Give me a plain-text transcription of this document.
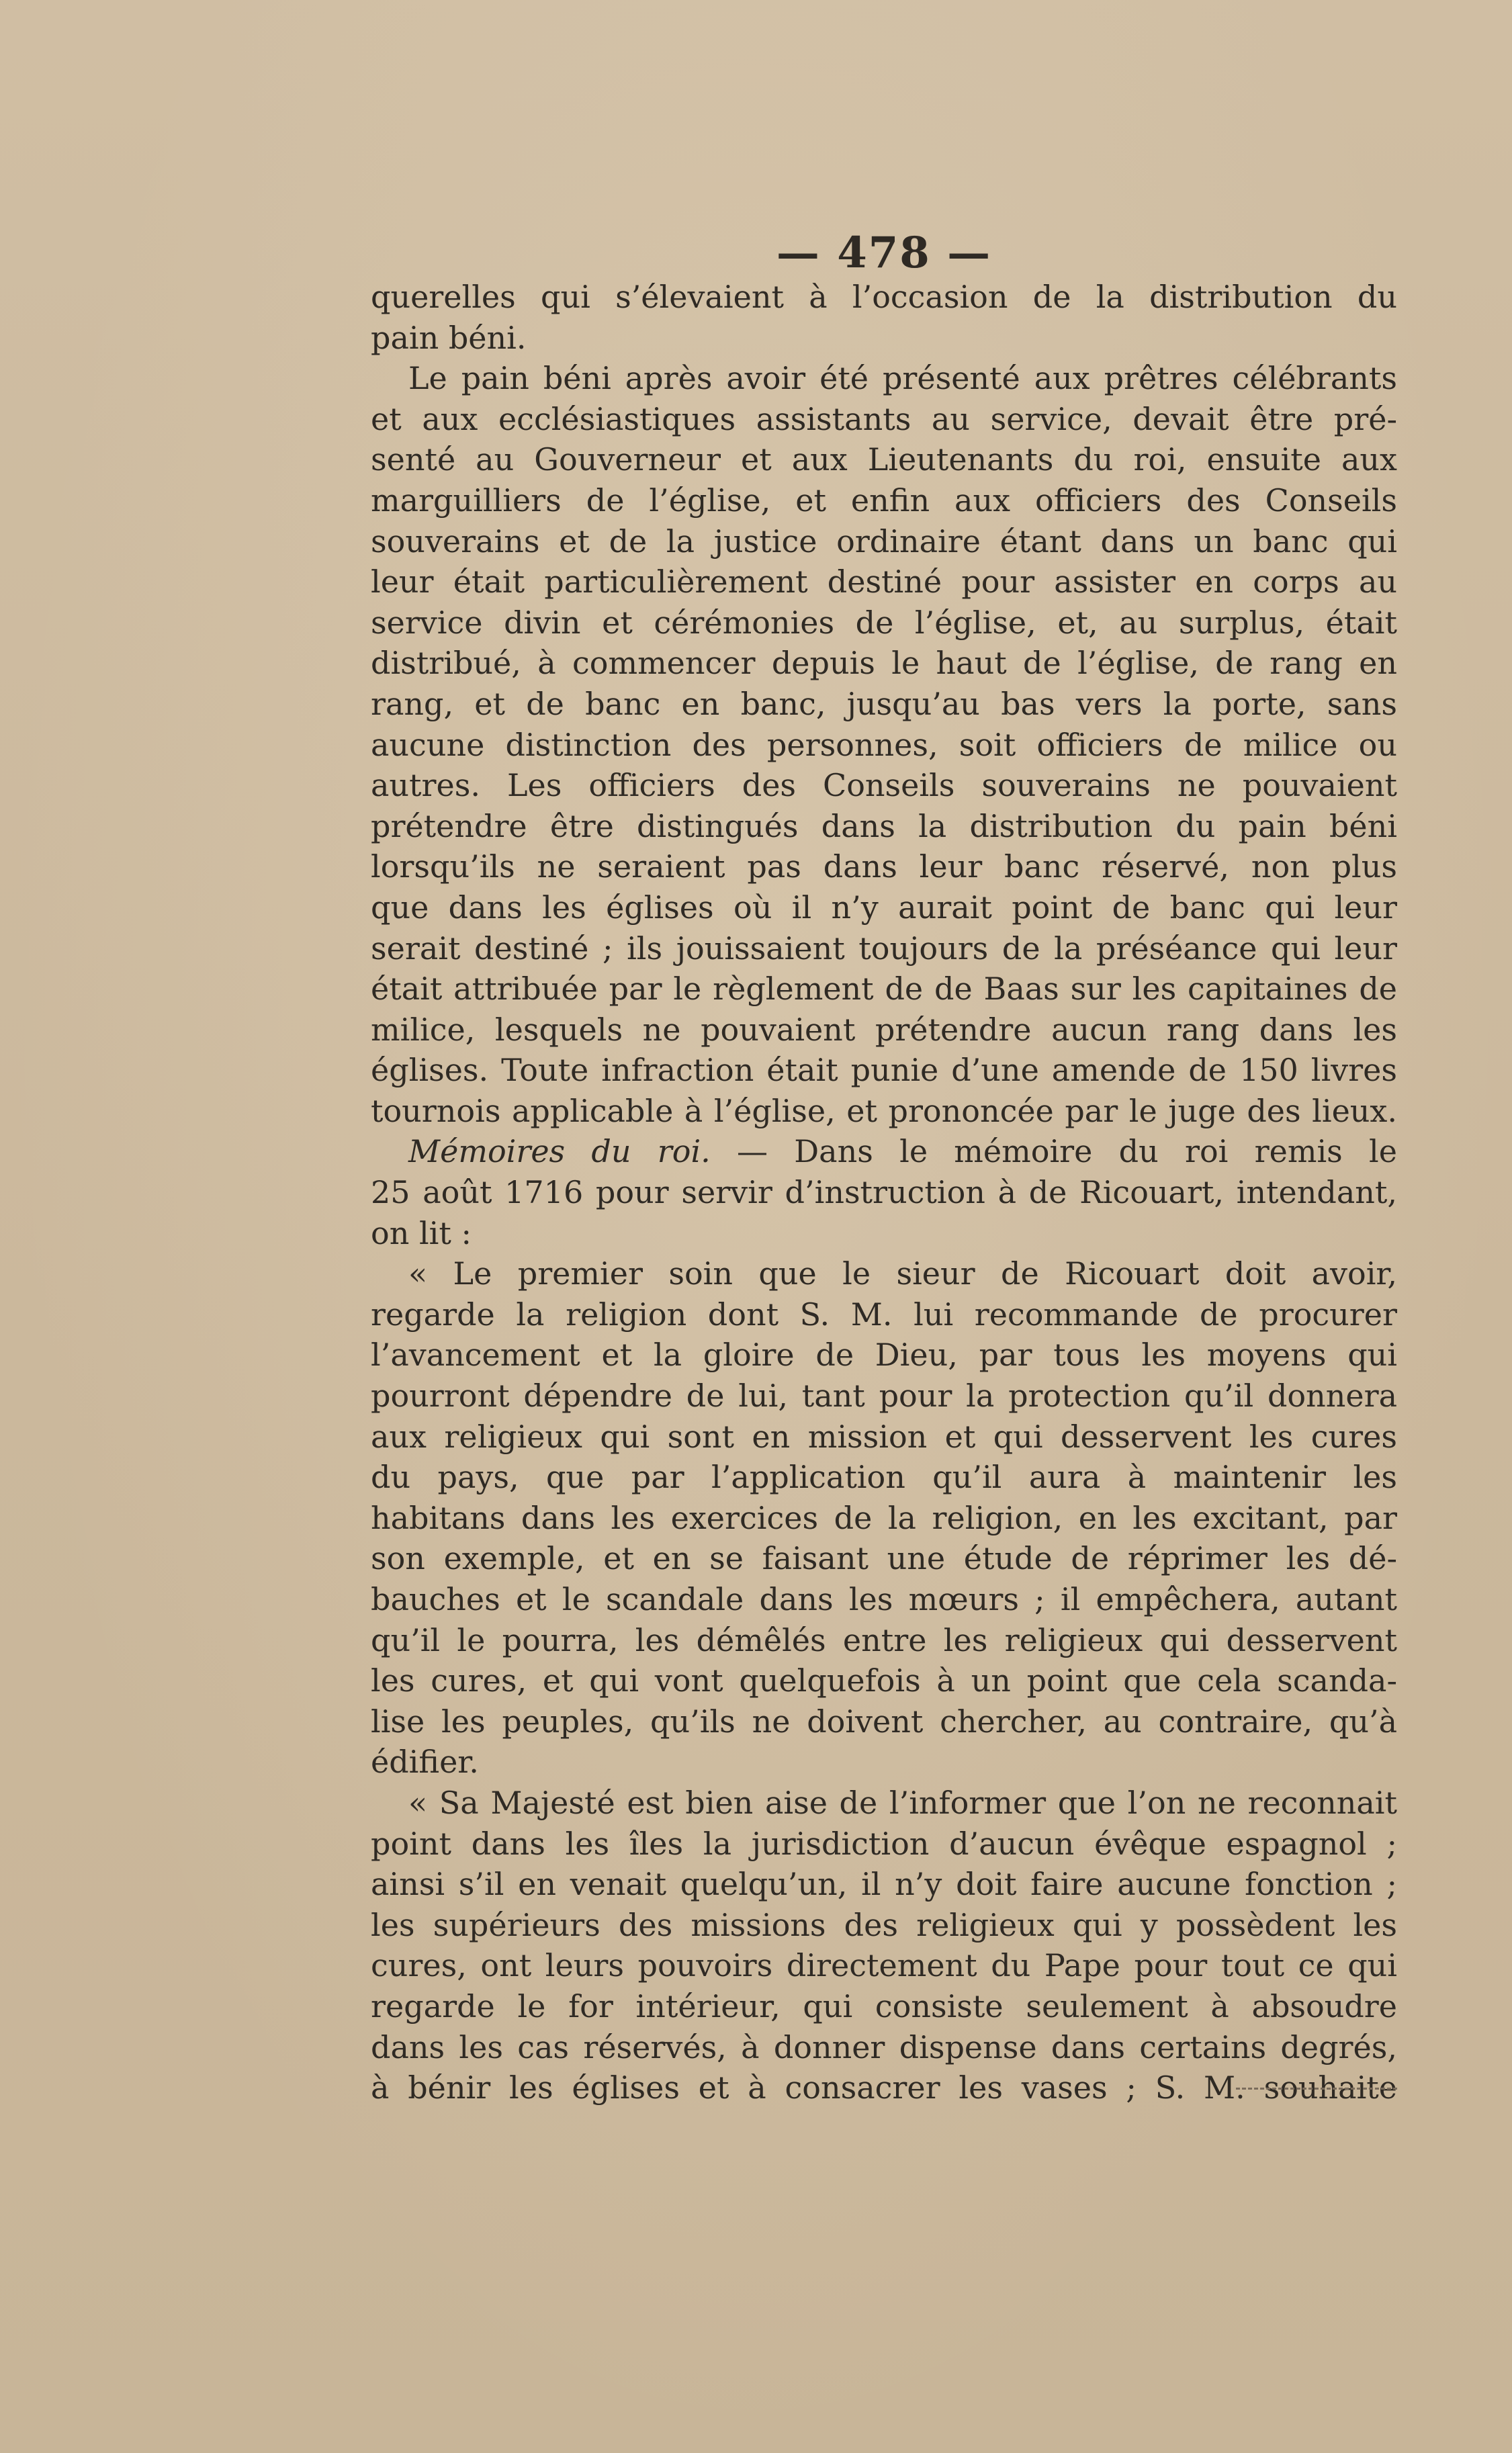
— 478 —
querelles qui s’élevaient à l’occasion de la distribution du
pain béni.
Le pain béni après avoir été présenté aux prêtres célébrants
et aux ecclésiastiques assistants au service, devait être pré-
senté au Gouverneur et aux Lieutenants du roi, ensuite aux
marguilliers de l’église, et enfin aux officiers des Conseils
souverains et de la justice ordinaire étant dans un banc qui
leur était particulièrement destiné pour assister en corps au
service divin et cérémonies de l’église, et, au surplus, était
distribué, à commencer depuis le haut de l’église, de rang en
rang, et de banc en banc, jusqu’au bas vers la porte, sans
aucune distinction des personnes, soit officiers de milice ou
autres. Les officiers des Conseils souverains ne pouvaient
prétendre être distingués dans la distribution du pain béni
lorsqu’ils ne seraient pas dans leur banc réservé, non plus
que dans les églises où il n’y aurait point de banc qui leur
serait destiné ; ils jouissaient toujours de la préséance qui leur
était attribuée par le règlement de de Baas sur les capitaines de
milice, lesquels ne pouvaient prétendre aucun rang dans les
églises. Toute infraction était punie d’une amende de 150 livres
tournois applicable à l’église, et prononcée par le juge des lieux.
Mémoires du roi. — Dans le mémoire du roi remis le
25 août 1716 pour servir d’instruction à de Ricouart, intendant,
on lit :
« Le premier soin que le sieur de Ricouart doit avoir,
regarde la religion dont S. M. lui recommande de procurer
l’avancement et la gloire de Dieu, par tous les moyens qui
pourront dépendre de lui, tant pour la protection qu’il donnera
aux religieux qui sont en mission et qui desservent les cures
du pays, que par l’application qu’il aura à maintenir les
habitans dans les exercices de la religion, en les excitant, par
son exemple, et en se faisant une étude de réprimer les dé-
bauches et le scandale dans les mœurs ; il empêchera, autant
qu’il le pourra, les démêlés entre les religieux qui desservent
les cures, et qui vont quelquefois à un point que cela scanda-
lise les peuples, qu’ils ne doivent chercher, au contraire, qu’à
édifier.
« Sa Majesté est bien aise de l’informer que l’on ne reconnait
point dans les îles la jurisdiction d’aucun évêque espagnol ;
ainsi s’il en venait quelqu’un, il n’y doit faire aucune fonction ;
les supérieurs des missions des religieux qui y possèdent les
cures, ont leurs pouvoirs directement du Pape pour tout ce qui
regarde le for intérieur, qui consiste seulement à absoudre
dans les cas réservés, à donner dispense dans certains degrés,
à bénir les églises et à consacrer les vases ; S. M. souhaite
